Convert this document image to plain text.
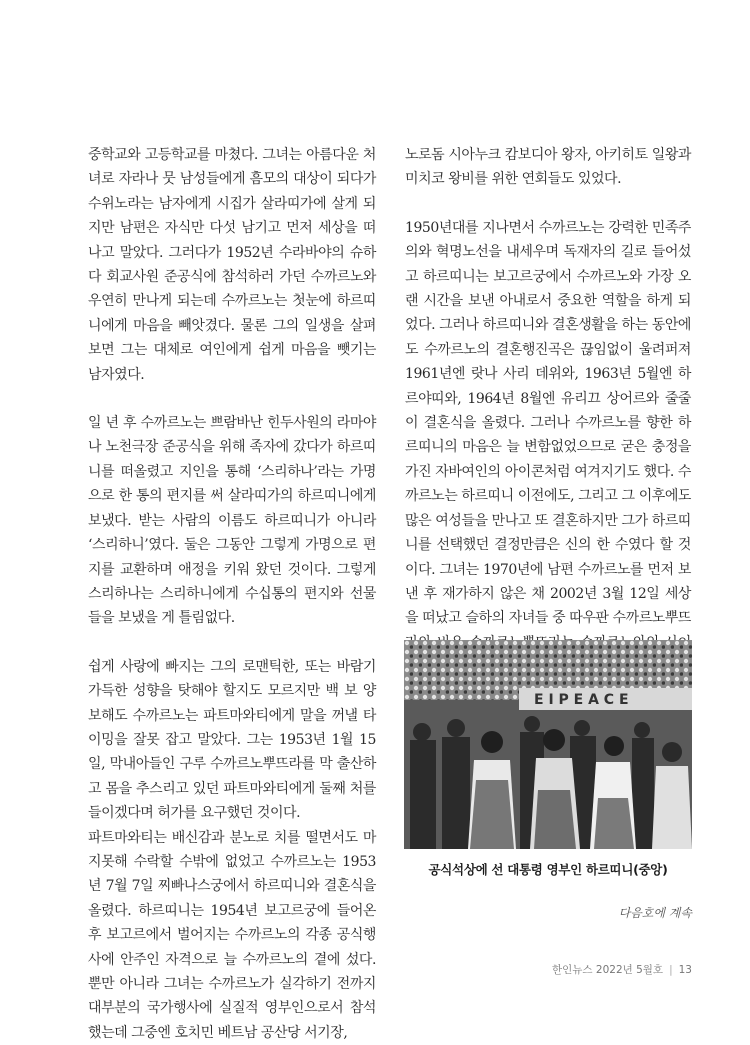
중학교와 고등학교를 마쳤다. 그녀는 아름다운 처녀로 자라나 뭇 남성들에게 흠모의 대상이 되다가 수위노라는 남자에게 시집가 살라띠가에 살게 되지만 남편은 자식만 다섯 남기고 먼저 세상을 떠나고 말았다. 그러다가 1952년 수라바야의 슈하다 회교사원 준공식에 참석하러 가던 수까르노와 우연히 만나게 되는데 수까르노는 첫눈에 하르띠니에게 마음을 빼앗겼다. 물론 그의 일생을 살펴보면 그는 대체로 여인에게 쉽게 마음을 뺏기는 남자였다.

일 년 후 수까르노는 쁘람바난 힌두사원의 라마야나 노천극장 준공식을 위해 족자에 갔다가 하르띠니를 떠올렸고 지인을 통해 ‘스리하나’라는 가명으로 한 통의 편지를 써 살라띠가의 하르띠니에게 보냈다. 받는 사람의 이름도 하르띠니가 아니라 ‘스리하니’였다. 둘은 그동안 그렇게 가명으로 편지를 교환하며 애정을 키워 왔던 것이다. 그렇게 스리하나는 스리하니에게 수십통의 편지와 선물들을 보냈을 게 틀림없다.

쉽게 사랑에 빠지는 그의 로맨틱한, 또는 바람기 가득한 성향을 탓해야 할지도 모르지만 백 보 양보해도 수까르노는 파트마와티에게 말을 꺼낼 타이밍을 잘못 잡고 말았다. 그는 1953년 1월 15일, 막내아들인 구루 수까르노뿌뜨라를 막 출산하고 몸을 추스리고 있던 파트마와티에게 둘째 처를 들이겠다며 허가를 요구했던 것이다.

파트마와티는 배신감과 분노로 치를 떨면서도 마지못해 수락할 수밖에 없었고 수까르노는 1953년 7월 7일 찌빠나스궁에서 하르띠니와 결혼식을 올렸다. 하르띠니는 1954년 보고르궁에 들어온 후 보고르에서 벌어지는 수까르노의 각종 공식행사에 안주인 자격으로 늘 수까르노의 곁에 섰다. 뿐만 아니라 그녀는 수까르노가 실각하기 전까지 대부분의 국가행사에 실질적 영부인으로서 참석했는데 그중엔 호치민 베트남 공산당 서기장,

노로돔 시아누크 캄보디아 왕자, 아키히토 일왕과 미치코 왕비를 위한 연회들도 있었다.

1950년대를 지나면서 수까르노는 강력한 민족주의와 혁명노선을 내세우며 독재자의 길로 들어섰고 하르띠니는 보고르궁에서 수까르노와 가장 오랜 시간을 보낸 아내로서 중요한 역할을 하게 되었다. 그러나 하르띠니와 결혼생활을 하는 동안에도 수까르노의 결혼행진곡은 끊임없이 울려퍼져 1961년엔 랏나 사리 데위와, 1963년 5월엔 하르야띠와, 1964년 8월엔 유리끄 상어르와 줄줄이 결혼식을 올렸다. 그러나 수까르노를 향한 하르띠니의 마음은 늘 변함없었으므로 굳은 충정을 가진 자바여인의 아이콘처럼 여겨지기도 했다. 수까르노는 하르띠니 이전에도, 그리고 그 이후에도 많은 여성들을 만나고 또 결혼하지만 그가 하르띠니를 선택했던 결정만큼은 신의 한 수였다 할 것이다. 그녀는 1970년에 남편 수까르노를 먼저 보낸 후 재가하지 않은 채 2002년 3월 12일 세상을 떠났고 슬하의 자녀들 중 따우판 수까르노뿌뜨

E I P E A C E
공식석상에 선 대통령 영부인 하르띠니(중앙)
다음호에 계속
한인뉴스 2022년 5월호 | 13
